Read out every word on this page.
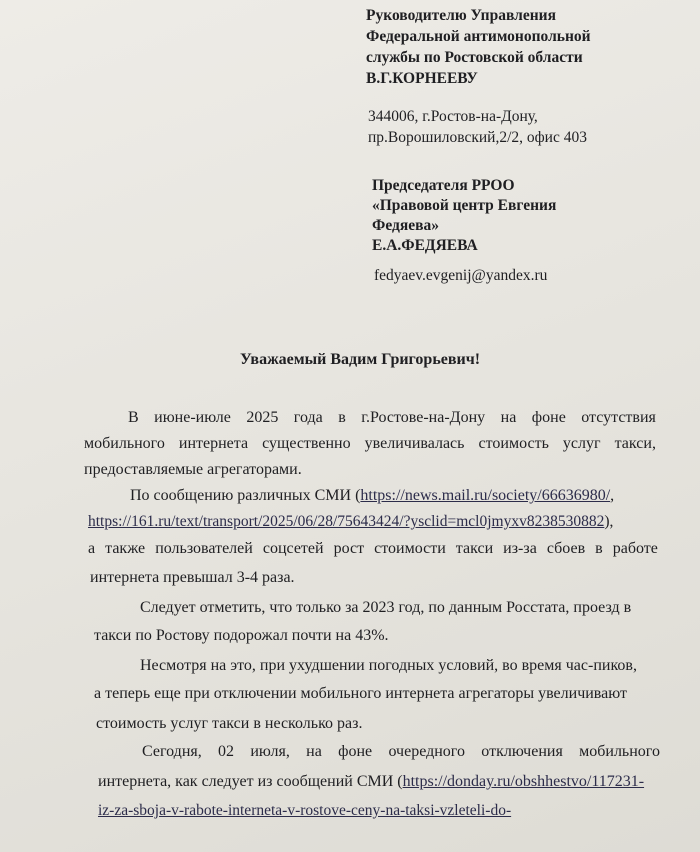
Руководителю Управления
Федеральной антимонопольной
службы по Ростовской области
В.Г.КОРНЕЕВУ
344006, г.Ростов-на-Дону,
пр.Ворошиловский,2/2, офис 403
Председателя РРОО
«Правовой центр Евгения
Федяева»
Е.А.ФЕДЯЕВА
fedyaev.evgenij@yandex.ru
Уважаемый Вадим Григорьевич!
В июне-июле 2025 года в г.Ростове-на-Дону на фоне отсутствия
мобильного интернета существенно увеличивалась стоимость услуг такси,
предоставляемые агрегаторами.
По сообщению различных СМИ (https://news.mail.ru/society/66636980/,
https://161.ru/text/transport/2025/06/28/75643424/?ysclid=mcl0jmyxv8238530882),
а также пользователей соцсетей рост стоимости такси из-за сбоев в работе
интернета превышал 3-4 раза.
Следует отметить, что только за 2023 год, по данным Росстата, проезд в
такси по Ростову подорожал почти на 43%.
Несмотря на это, при ухудшении погодных условий, во время час-пиков,
а теперь еще при отключении мобильного интернета агрегаторы увеличивают
стоимость услуг такси в несколько раз.
Сегодня, 02 июля, на фоне очередного отключения мобильного
интернета, как следует из сообщений СМИ (https://donday.ru/obshhestvo/117231-
iz-za-sboja-v-rabote-interneta-v-rostove-ceny-na-taksi-vzleteli-do-
